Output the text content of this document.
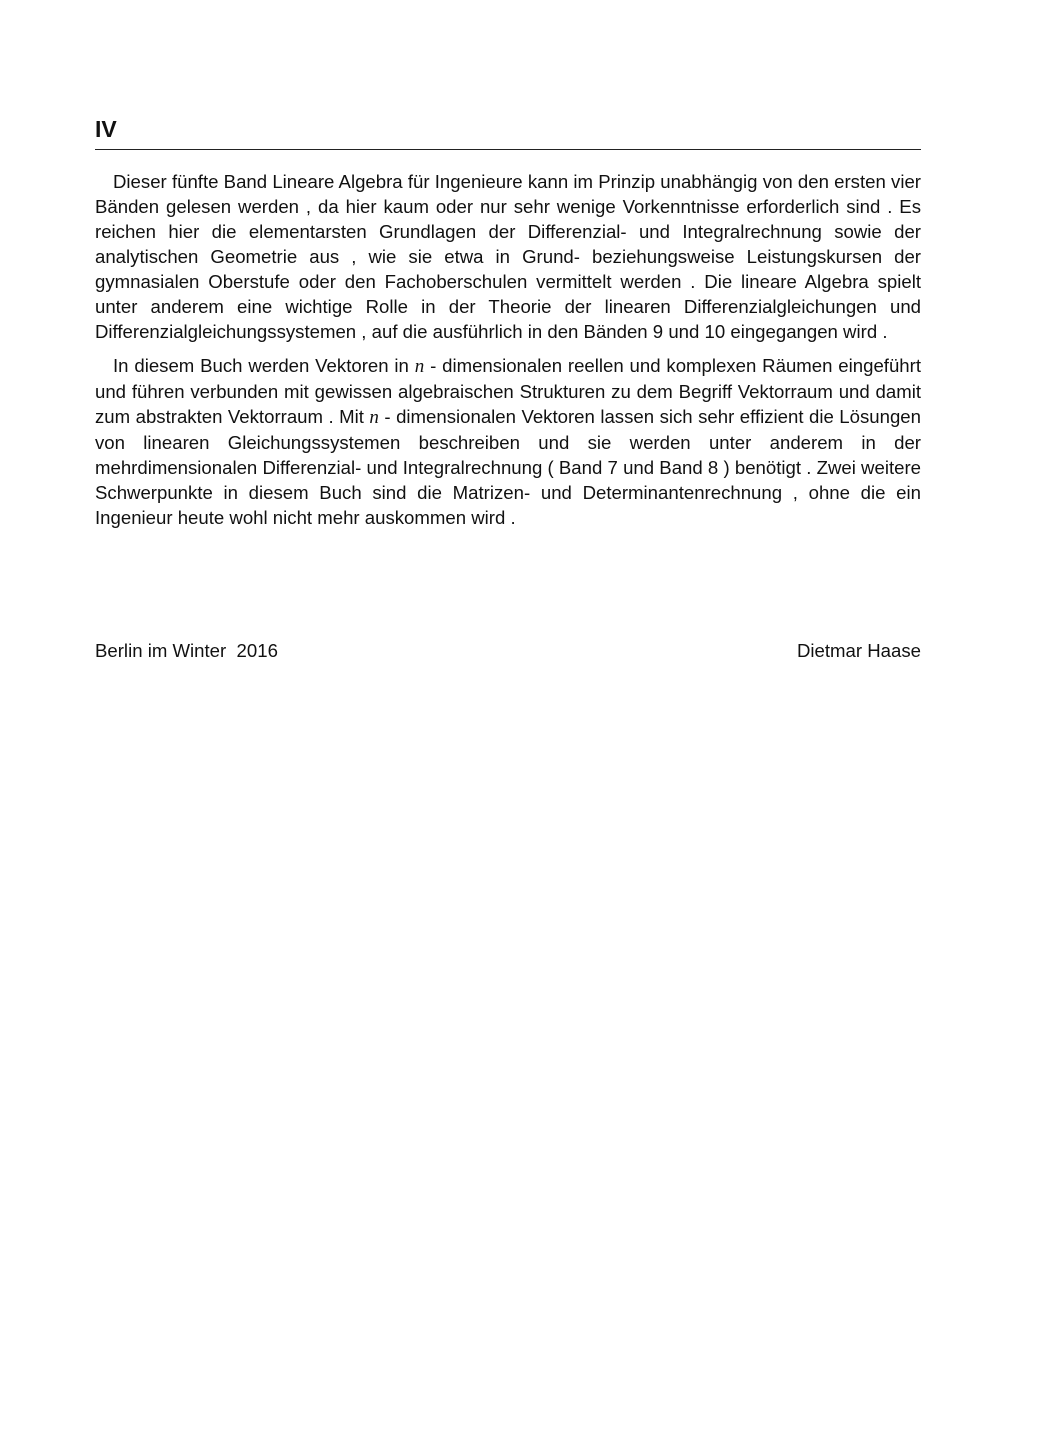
IV

Dieser fünfte Band Lineare Algebra für Ingenieure kann im Prinzip unabhängig von den ersten vier Bänden gelesen werden , da hier kaum oder nur sehr wenige Vorkenntnisse erforderlich sind . Es reichen hier die elementarsten Grundlagen der Differenzial- und Integralrechnung sowie der analytischen Geometrie aus , wie sie etwa in Grund- beziehungsweise Leistungskursen der gymnasialen Oberstufe oder den Fachoberschulen vermittelt werden . Die lineare Algebra spielt unter anderem eine wichtige Rolle in der Theorie der linearen Differenzialgleichungen und Differenzialgleichungssystemen , auf die ausführlich in den Bänden 9 und 10 eingegangen wird .

In diesem Buch werden Vektoren in n - dimensionalen reellen und komplexen Räumen eingeführt und führen verbunden mit gewissen algebraischen Strukturen zu dem Begriff Vektorraum und damit zum abstrakten Vektorraum . Mit n - dimensionalen Vektoren lassen sich sehr effizient die Lösungen von linearen Gleichungssystemen beschreiben und sie werden unter anderem in der mehrdimensionalen Differenzial- und Integralrechnung ( Band 7 und Band 8 ) benötigt . Zwei weitere Schwerpunkte in diesem Buch sind die Matrizen- und Determinantenrechnung , ohne die ein Ingenieur heute wohl nicht mehr auskommen wird .

Berlin im Winter  2016	Dietmar Haase
